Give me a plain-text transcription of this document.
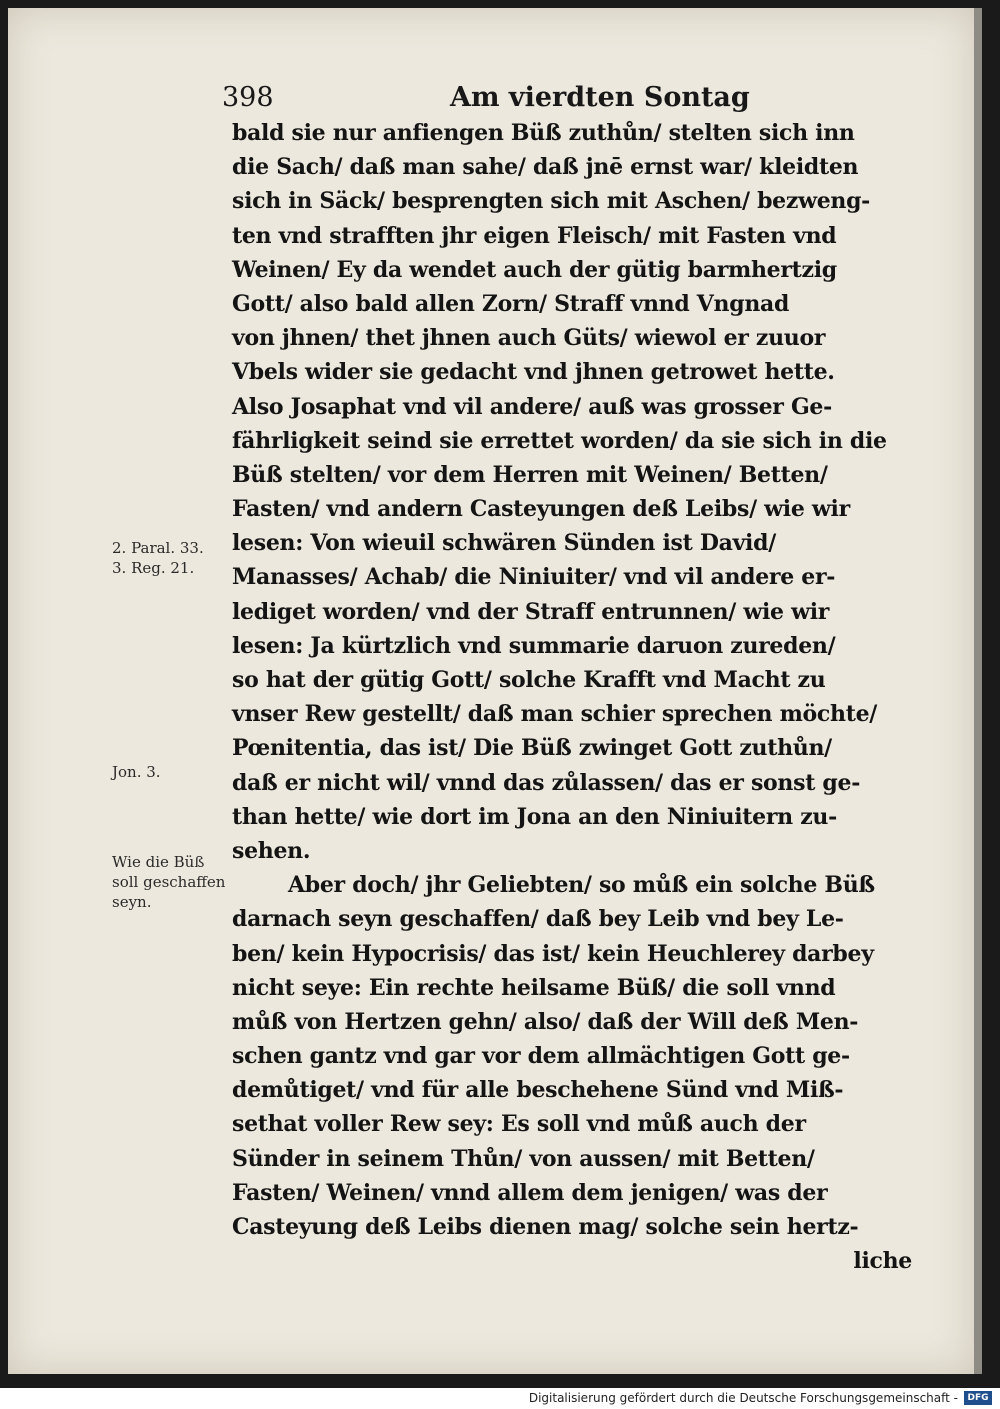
398	Am vierdten Sontag
2. Paral. 33.
3. Reg. 21.
Jon. 3.
Wie die Büß
soll geschaffen
seyn.
bald sie nur anfiengen Büß zuthůn/ stelten sich inn
die Sach/ daß man sahe/ daß jnē ernst war/ kleidten
sich in Säck/ besprengten sich mit Aschen/ bezweng-
ten vnd strafften jhr eigen Fleisch/ mit Fasten vnd
Weinen/ Ey da wendet auch der gütig barmhertzig
Gott/ also bald allen Zorn/ Straff vnnd Vngnad
von jhnen/ thet jhnen auch Güts/ wiewol er zuuor
Vbels wider sie gedacht vnd jhnen getrowet hette.
Also Josaphat vnd vil andere/ auß was grosser Ge-
fährligkeit seind sie errettet worden/ da sie sich in die
Büß stelten/ vor dem Herren mit Weinen/ Betten/
Fasten/ vnd andern Casteyungen deß Leibs/ wie wir
lesen: Von wieuil schwären Sünden ist David/
Manasses/ Achab/ die Niniuiter/ vnd vil andere er-
lediget worden/ vnd der Straff entrunnen/ wie wir
lesen: Ja kürtzlich vnd summarie daruon zureden/
so hat der gütig Gott/ solche Krafft vnd Macht zu
vnser Rew gestellt/ daß man schier sprechen möchte/
Pœnitentia, das ist/ Die Büß zwinget Gott zuthůn/
daß er nicht wil/ vnnd das zůlassen/ das er sonst ge-
than hette/ wie dort im Jona an den Niniuitern zu-
sehen.
Aber doch/ jhr Geliebten/ so můß ein solche Büß
darnach seyn geschaffen/ daß bey Leib vnd bey Le-
ben/ kein Hypocrisis/ das ist/ kein Heuchlerey darbey
nicht seye: Ein rechte heilsame Büß/ die soll vnnd
můß von Hertzen gehn/ also/ daß der Will deß Men-
schen gantz vnd gar vor dem allmächtigen Gott ge-
demůtiget/ vnd für alle beschehene Sünd vnd Miß-
sethat voller Rew sey: Es soll vnd můß auch der
Sünder in seinem Thůn/ von aussen/ mit Betten/
Fasten/ Weinen/ vnnd allem dem jenigen/ was der
Casteyung deß Leibs dienen mag/ solche sein hertz-
liche
Digitalisierung gefördert durch die Deutsche Forschungsgemeinschaft -	DFG
